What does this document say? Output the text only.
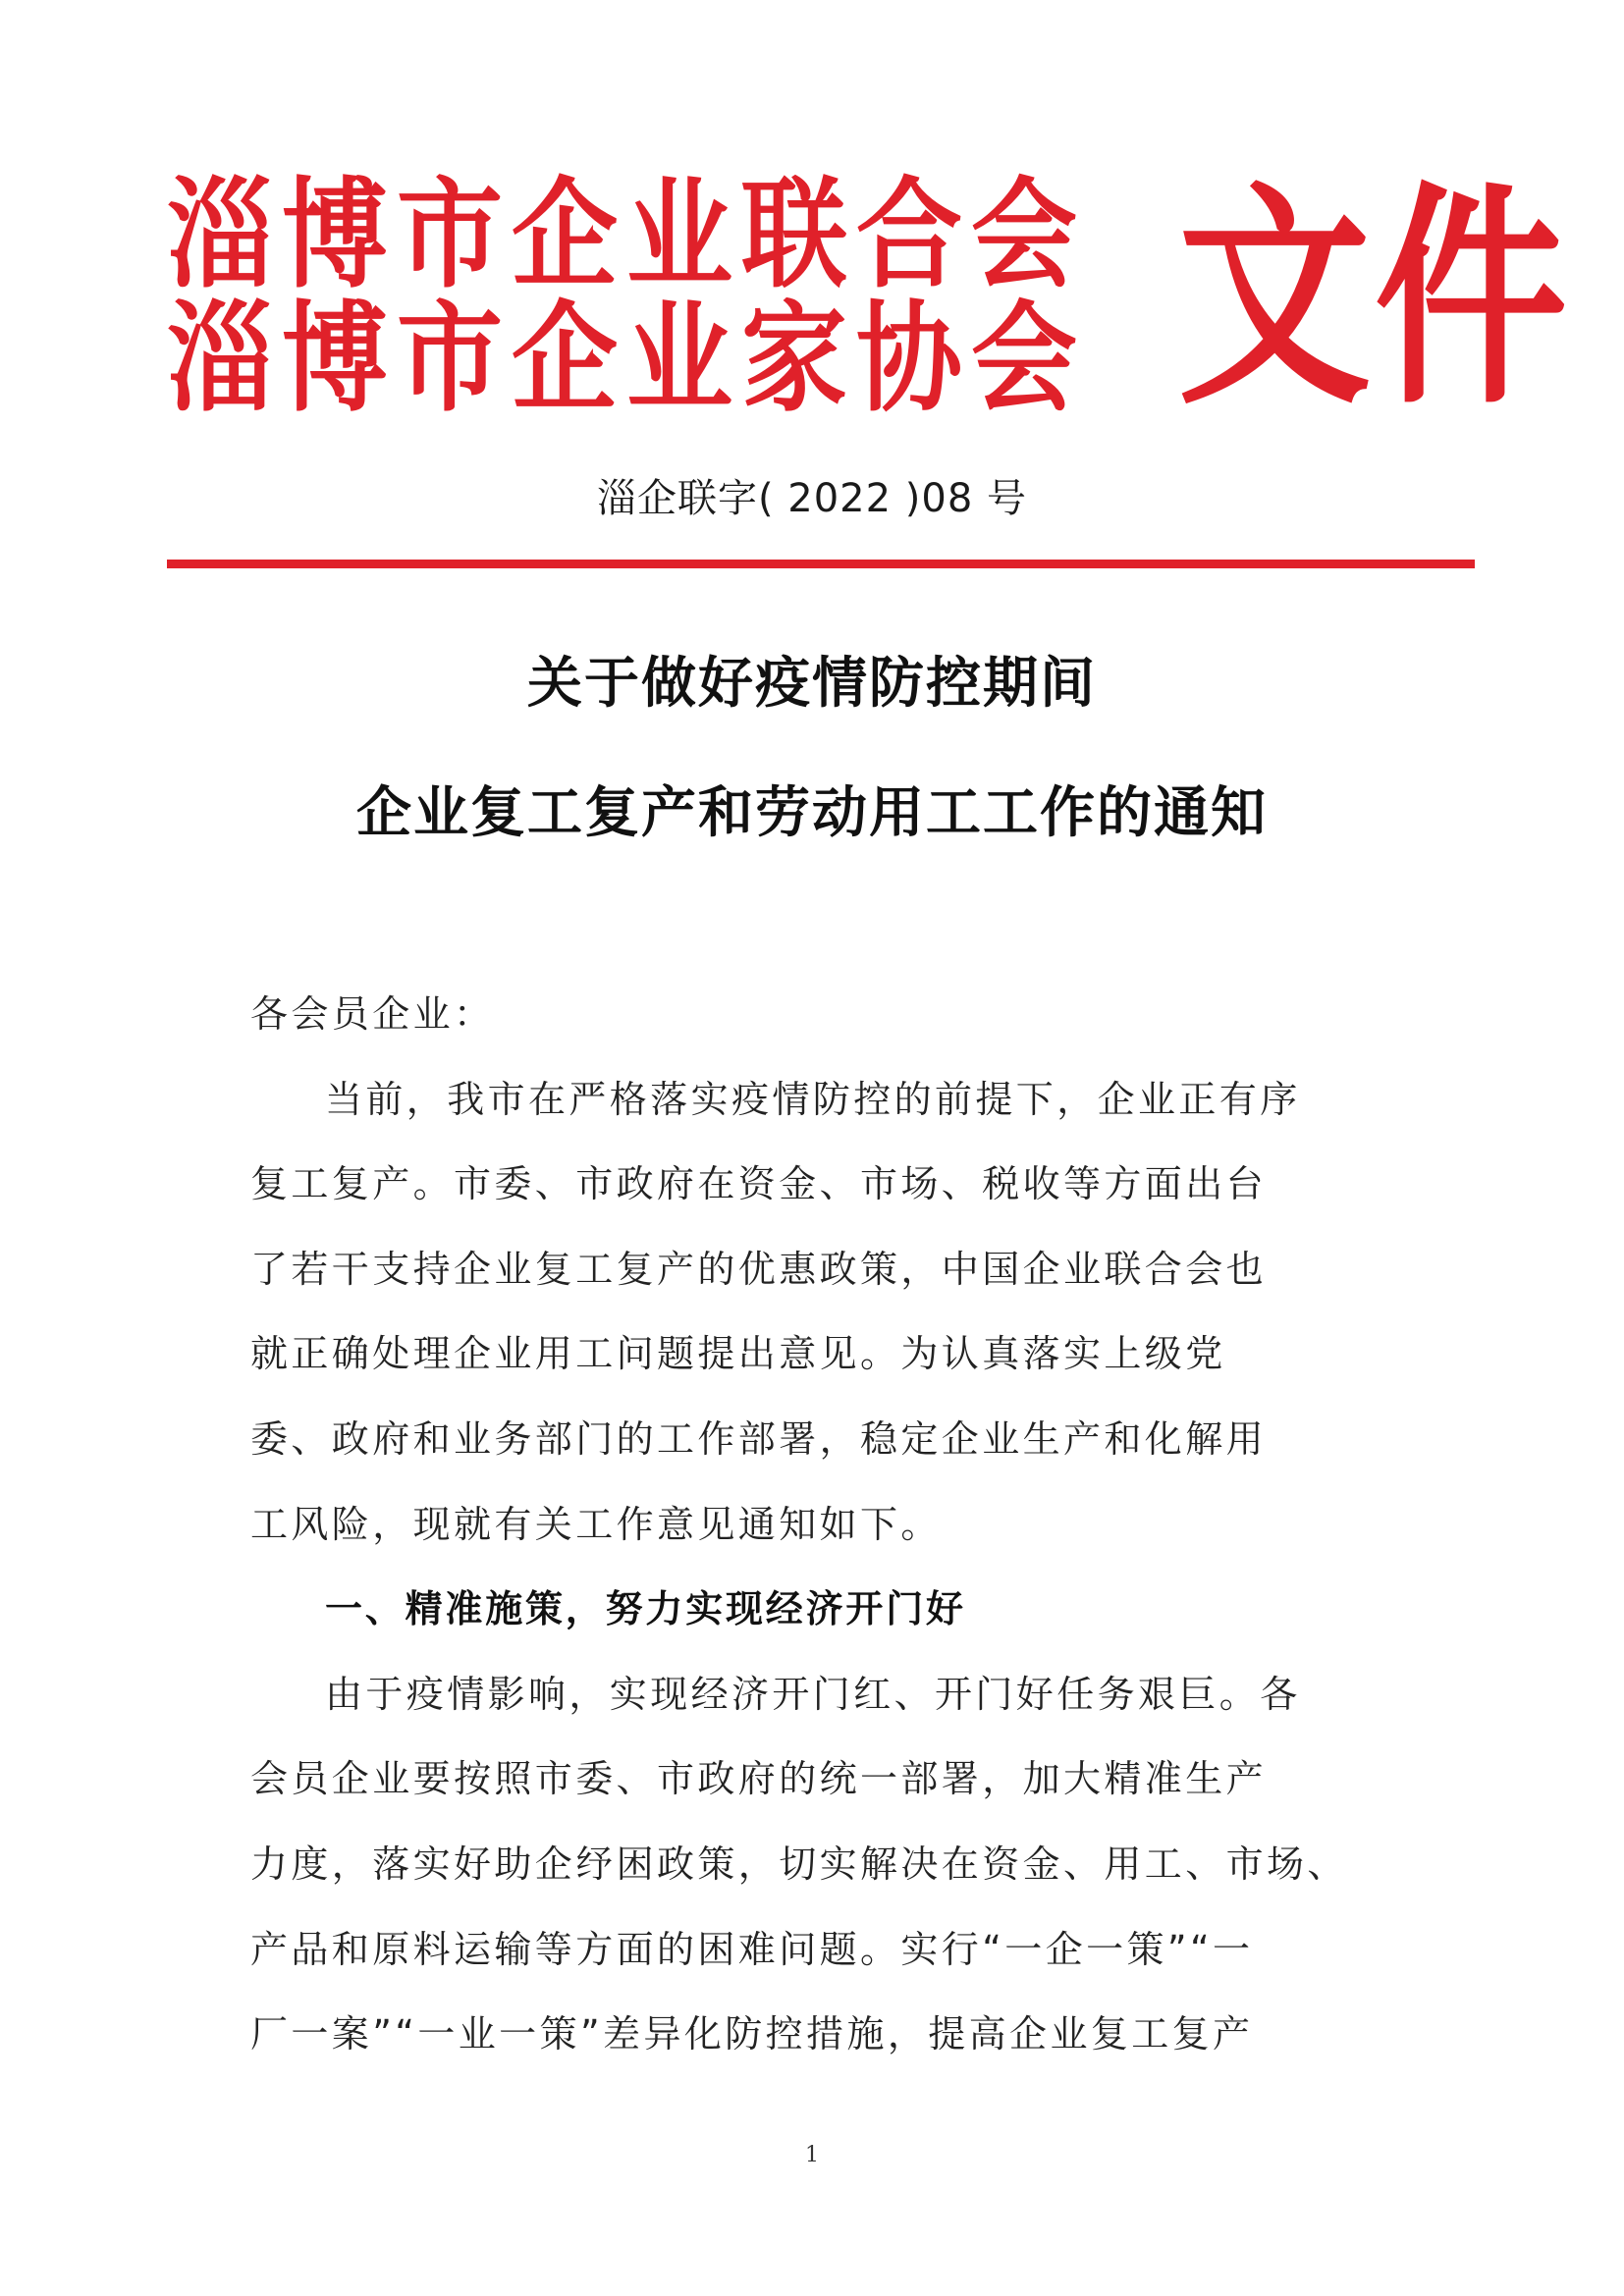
淄博市企业联合会
淄博市企业家协会 文件
淄企联字( 2022 )08 号
关于做好疫情防控期间
企业复工复产和劳动用工工作的通知
各会员企业：
当前，我市在严格落实疫情防控的前提下，企业正有序
复工复产。市委、市政府在资金、市场、税收等方面出台
了若干支持企业复工复产的优惠政策，中国企业联合会也
就正确处理企业用工问题提出意见。为认真落实上级党
委、政府和业务部门的工作部署，稳定企业生产和化解用
工风险，现就有关工作意见通知如下。
一、精准施策，努力实现经济开门好
由于疫情影响，实现经济开门红、开门好任务艰巨。各
会员企业要按照市委、市政府的统一部署，加大精准生产
力度，落实好助企纾困政策，切实解决在资金、用工、市场、
产品和原料运输等方面的困难问题。实行“一企一策”“一
厂一案”“一业一策”差异化防控措施，提高企业复工复产
1
